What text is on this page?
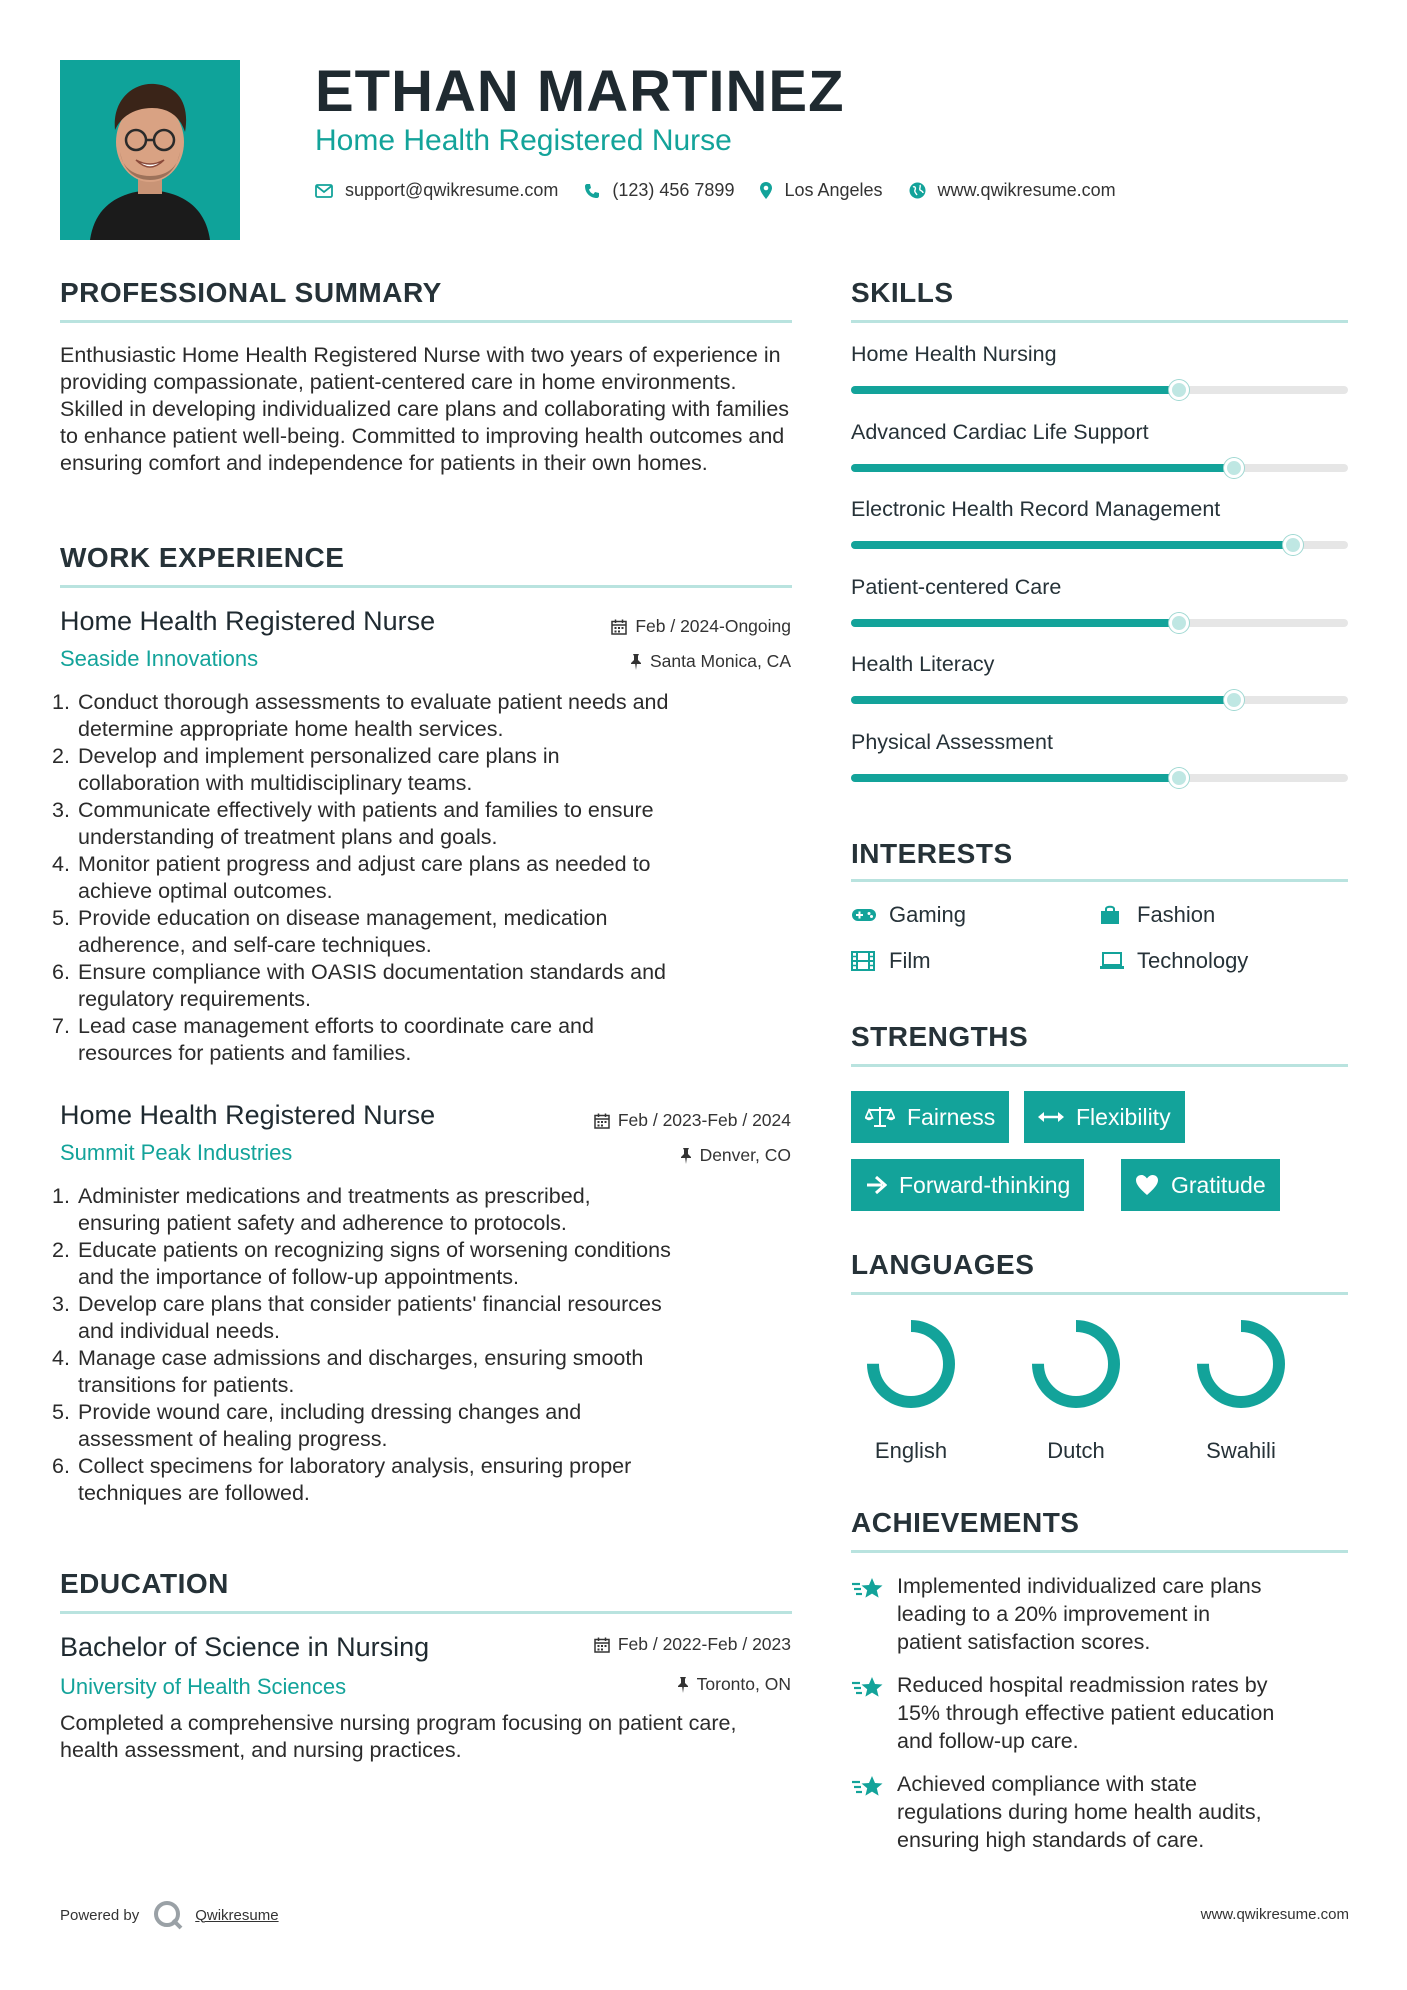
ETHAN MARTINEZ
Home Health Registered Nurse
support@qwikresume.com	(123) 456 7899	Los Angeles	www.qwikresume.com
PROFESSIONAL SUMMARY
Enthusiastic Home Health Registered Nurse with two years of experience in providing compassionate, patient-centered care in home environments. Skilled in developing individualized care plans and collaborating with families to enhance patient well-being. Committed to improving health outcomes and ensuring comfort and independence for patients in their own homes.
WORK EXPERIENCE
Home Health Registered Nurse	Feb / 2024-Ongoing
Seaside Innovations	Santa Monica, CA
1. Conduct thorough assessments to evaluate patient needs and
determine appropriate home health services.
2. Develop and implement personalized care plans in
collaboration with multidisciplinary teams.
3. Communicate effectively with patients and families to ensure
understanding of treatment plans and goals.
4. Monitor patient progress and adjust care plans as needed to
achieve optimal outcomes.
5. Provide education on disease management, medication
adherence, and self-care techniques.
6. Ensure compliance with OASIS documentation standards and
regulatory requirements.
7. Lead case management efforts to coordinate care and
resources for patients and families.
Home Health Registered Nurse	Feb / 2023-Feb / 2024
Summit Peak Industries	Denver, CO
1. Administer medications and treatments as prescribed,
ensuring patient safety and adherence to protocols.
2. Educate patients on recognizing signs of worsening conditions
and the importance of follow-up appointments.
3. Develop care plans that consider patients' financial resources
and individual needs.
4. Manage case admissions and discharges, ensuring smooth
transitions for patients.
5. Provide wound care, including dressing changes and
assessment of healing progress.
6. Collect specimens for laboratory analysis, ensuring proper
techniques are followed.
EDUCATION
Bachelor of Science in Nursing	Feb / 2022-Feb / 2023
University of Health Sciences	Toronto, ON
Completed a comprehensive nursing program focusing on patient care, health assessment, and nursing practices.
SKILLS
Home Health Nursing
Advanced Cardiac Life Support
Electronic Health Record Management
Patient-centered Care
Health Literacy
Physical Assessment
INTERESTS
Gaming	Fashion
Film	Technology
STRENGTHS
Fairness	Flexibility
Forward-thinking	Gratitude
LANGUAGES
English	Dutch	Swahili
ACHIEVEMENTS
Implemented individualized care plans
leading to a 20% improvement in
patient satisfaction scores.
Reduced hospital readmission rates by
15% through effective patient education
and follow-up care.
Achieved compliance with state
regulations during home health audits,
ensuring high standards of care.
Powered by	Qwikresume	www.qwikresume.com
